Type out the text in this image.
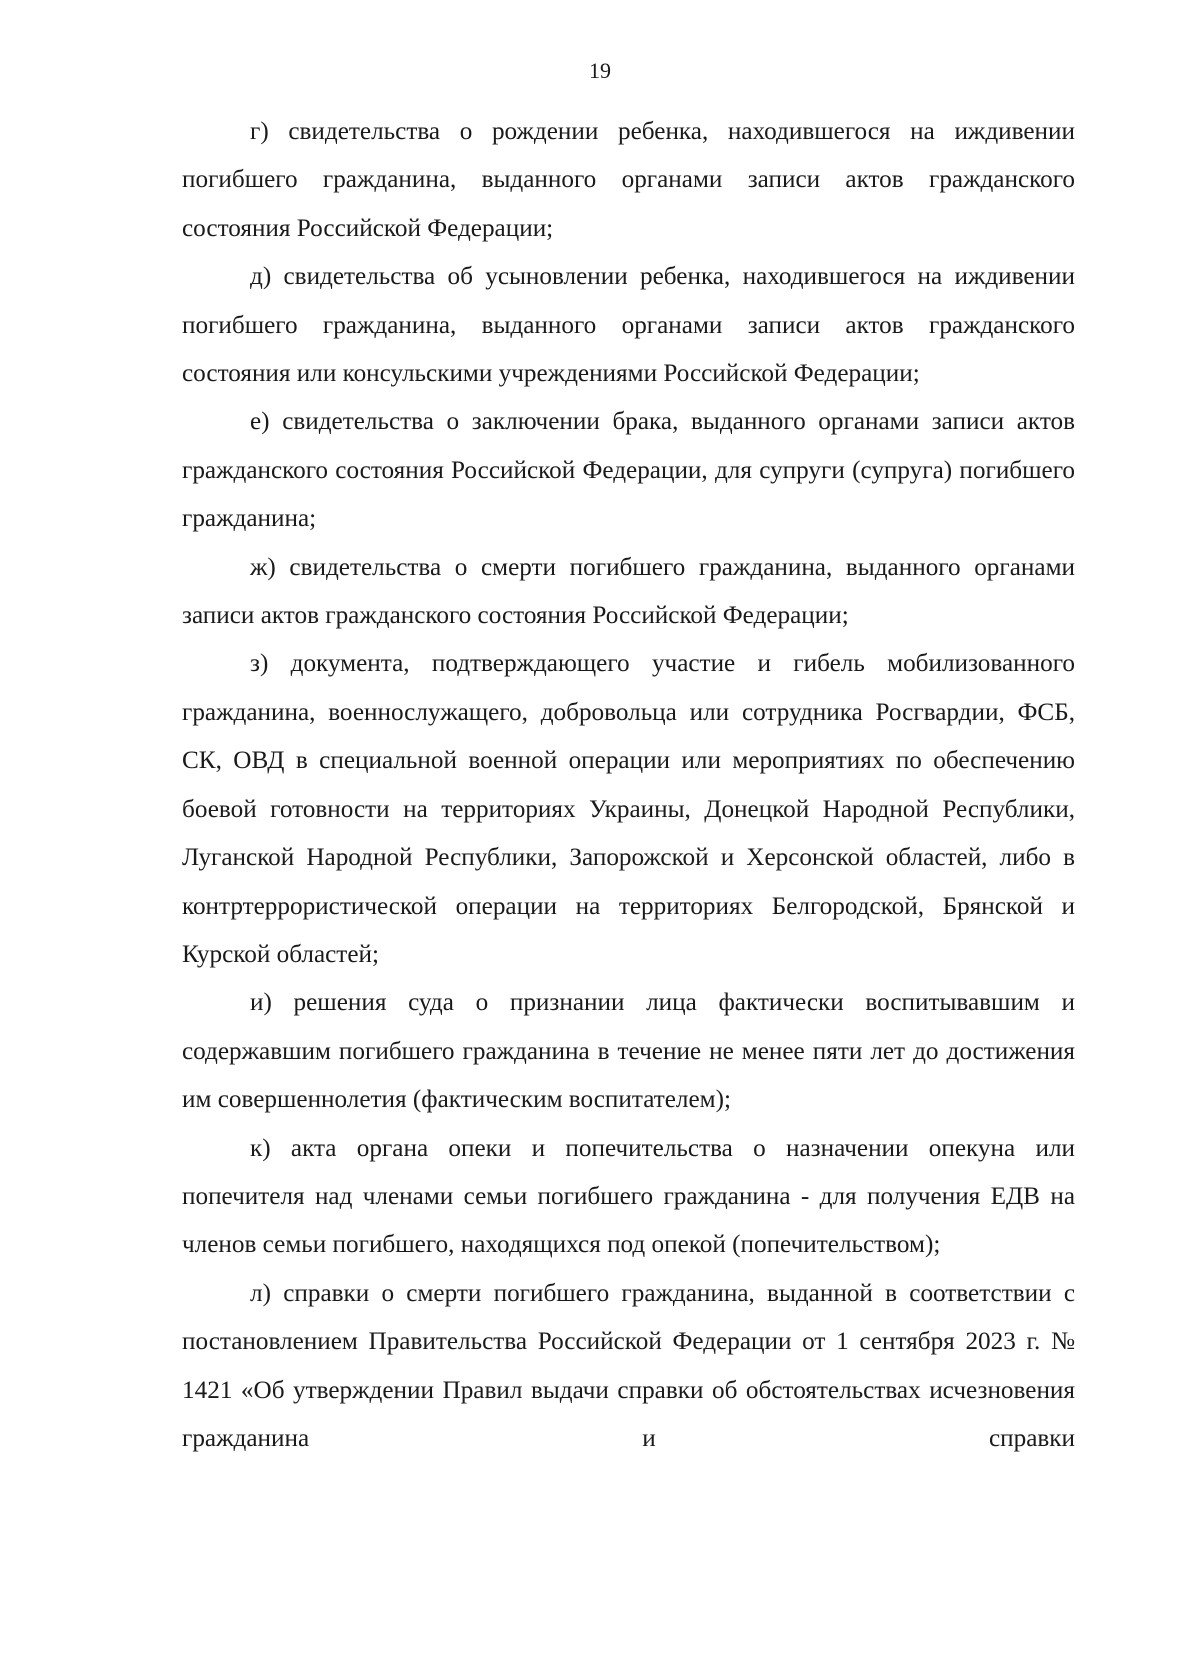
19

г) свидетельства о рождении ребенка, находившегося на иждивении погибшего гражданина, выданного органами записи актов гражданского состояния Российской Федерации;

д) свидетельства об усыновлении ребенка, находившегося на иждивении погибшего гражданина, выданного органами записи актов гражданского состояния или консульскими учреждениями Российской Федерации;

е) свидетельства о заключении брака, выданного органами записи актов гражданского состояния Российской Федерации, для супруги (супруга) погибшего гражданина;

ж) свидетельства о смерти погибшего гражданина, выданного органами записи актов гражданского состояния Российской Федерации;

з) документа, подтверждающего участие и гибель мобилизованного гражданина, военнослужащего, добровольца или сотрудника Росгвардии, ФСБ, СК, ОВД в специальной военной операции или мероприятиях по обеспечению боевой готовности на территориях Украины, Донецкой Народной Республики, Луганской Народной Республики, Запорожской и Херсонской областей, либо в контртеррористической операции на территориях Белгородской, Брянской и Курской областей;

и) решения суда о признании лица фактически воспитывавшим и содержавшим погибшего гражданина в течение не менее пяти лет до достижения им совершеннолетия (фактическим воспитателем);

к) акта органа опеки и попечительства о назначении опекуна или попечителя над членами семьи погибшего гражданина - для получения ЕДВ на членов семьи погибшего, находящихся под опекой (попечительством);

л) справки о смерти погибшего гражданина, выданной в соответствии с постановлением Правительства Российской Федерации от 1 сентября 2023 г. № 1421 «Об утверждении Правил выдачи справки об обстоятельствах исчезновения гражданина и справки
